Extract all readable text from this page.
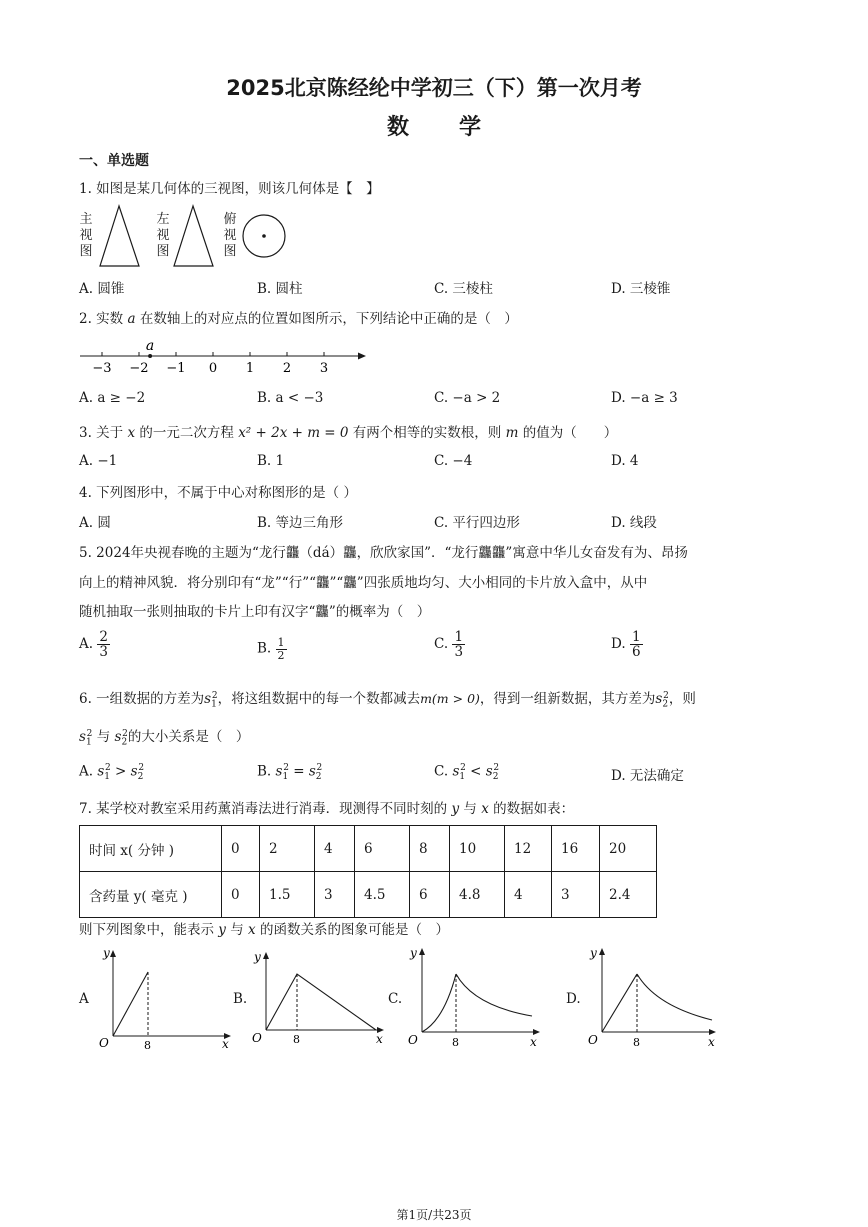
2025北京陈经纶中学初三（下）第一次月考
数学
一、单选题
1. 如图是某几何体的三视图，则该几何体是【　】
主
视
图
左
视
图
俯
视
图
A. 圆锥	B. 圆柱	C. 三棱柱	D. 三棱锥
2. 实数 a 在数轴上的对应点的位置如图所示，下列结论中正确的是（　）
−3 −2 −1 0 1 2 3
a
A. a ≥ −2	B. a < −3	C. −a > 2	D. −a ≥ 3
3. 关于 x 的一元二次方程 x² + 2x + m = 0 有两个相等的实数根，则 m 的值为（　　）
A. −1	B. 1	C. −4	D. 4
4. 下列图形中，不属于中心对称图形的是（ ）
A. 圆	B. 等边三角形	C. 平行四边形	D. 线段
5. 2024年央视春晚的主题为“龙行龘（dá）龘，欣欣家国”．“龙行龘龘”寓意中华儿女奋发有为、昂扬
向上的精神风貌．将分别印有“龙”“行”“龘”“龘”四张质地均匀、大小相同的卡片放入盒中，从中
随机抽取一张则抽取的卡片上印有汉字“龘”的概率为（　）
A. $\frac{2}{3}$	B. $\frac{1}{2}$	C. $\frac{1}{3}$	D. $\frac{1}{6}$
6. 一组数据的方差为$s_1^2$，将这组数据中的每一个数都减去m(m > 0)，得到一组新数据，其方差为$s_2^2$，则
$s_1^2$ 与 $s_2^2$的大小关系是（　）
A. $s_1^2 > s_2^2$	B. $s_1^2 = s_2^2$	C. $s_1^2 < s_2^2$	D. 无法确定
7. 某学校对教室采用药薰消毒法进行消毒．现测得不同时刻的 y 与 x 的数据如表：
时间 x( 分钟 )	0	2	4	6	8	10	12	16	20
含药量 y( 毫克 )	0	1.5	3	4.5	6	4.8	4	3	2.4
则下列图象中，能表示 y 与 x 的函数关系的图象可能是（　）
A
y
O	8	x
B.
y
O	8	x
C.
y
O	8	x
D.
y
O	8	x
第1页/共23页
